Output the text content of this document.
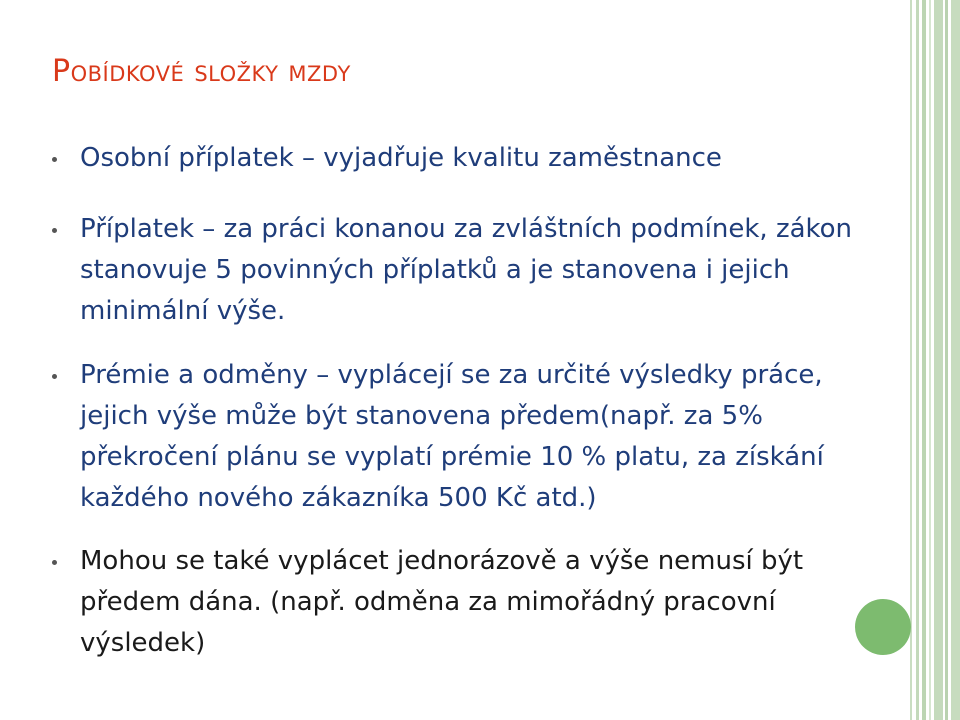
Pobídkové složky mzdy

Osobní příplatek – vyjadřuje kvalitu zaměstnance

Příplatek – za práci konanou za zvláštních podmínek, zákon stanovuje 5 povinných příplatků a je stanovena i jejich minimální výše.

Prémie a odměny – vyplácejí se za určité výsledky práce, jejich výše může být stanovena předem(např. za 5% překročení plánu se vyplatí prémie 10 % platu, za získání každého nového zákazníka 500 Kč atd.)

Mohou se také vyplácet jednorázově a výše nemusí být předem dána. (např. odměna za mimořádný pracovní výsledek)
